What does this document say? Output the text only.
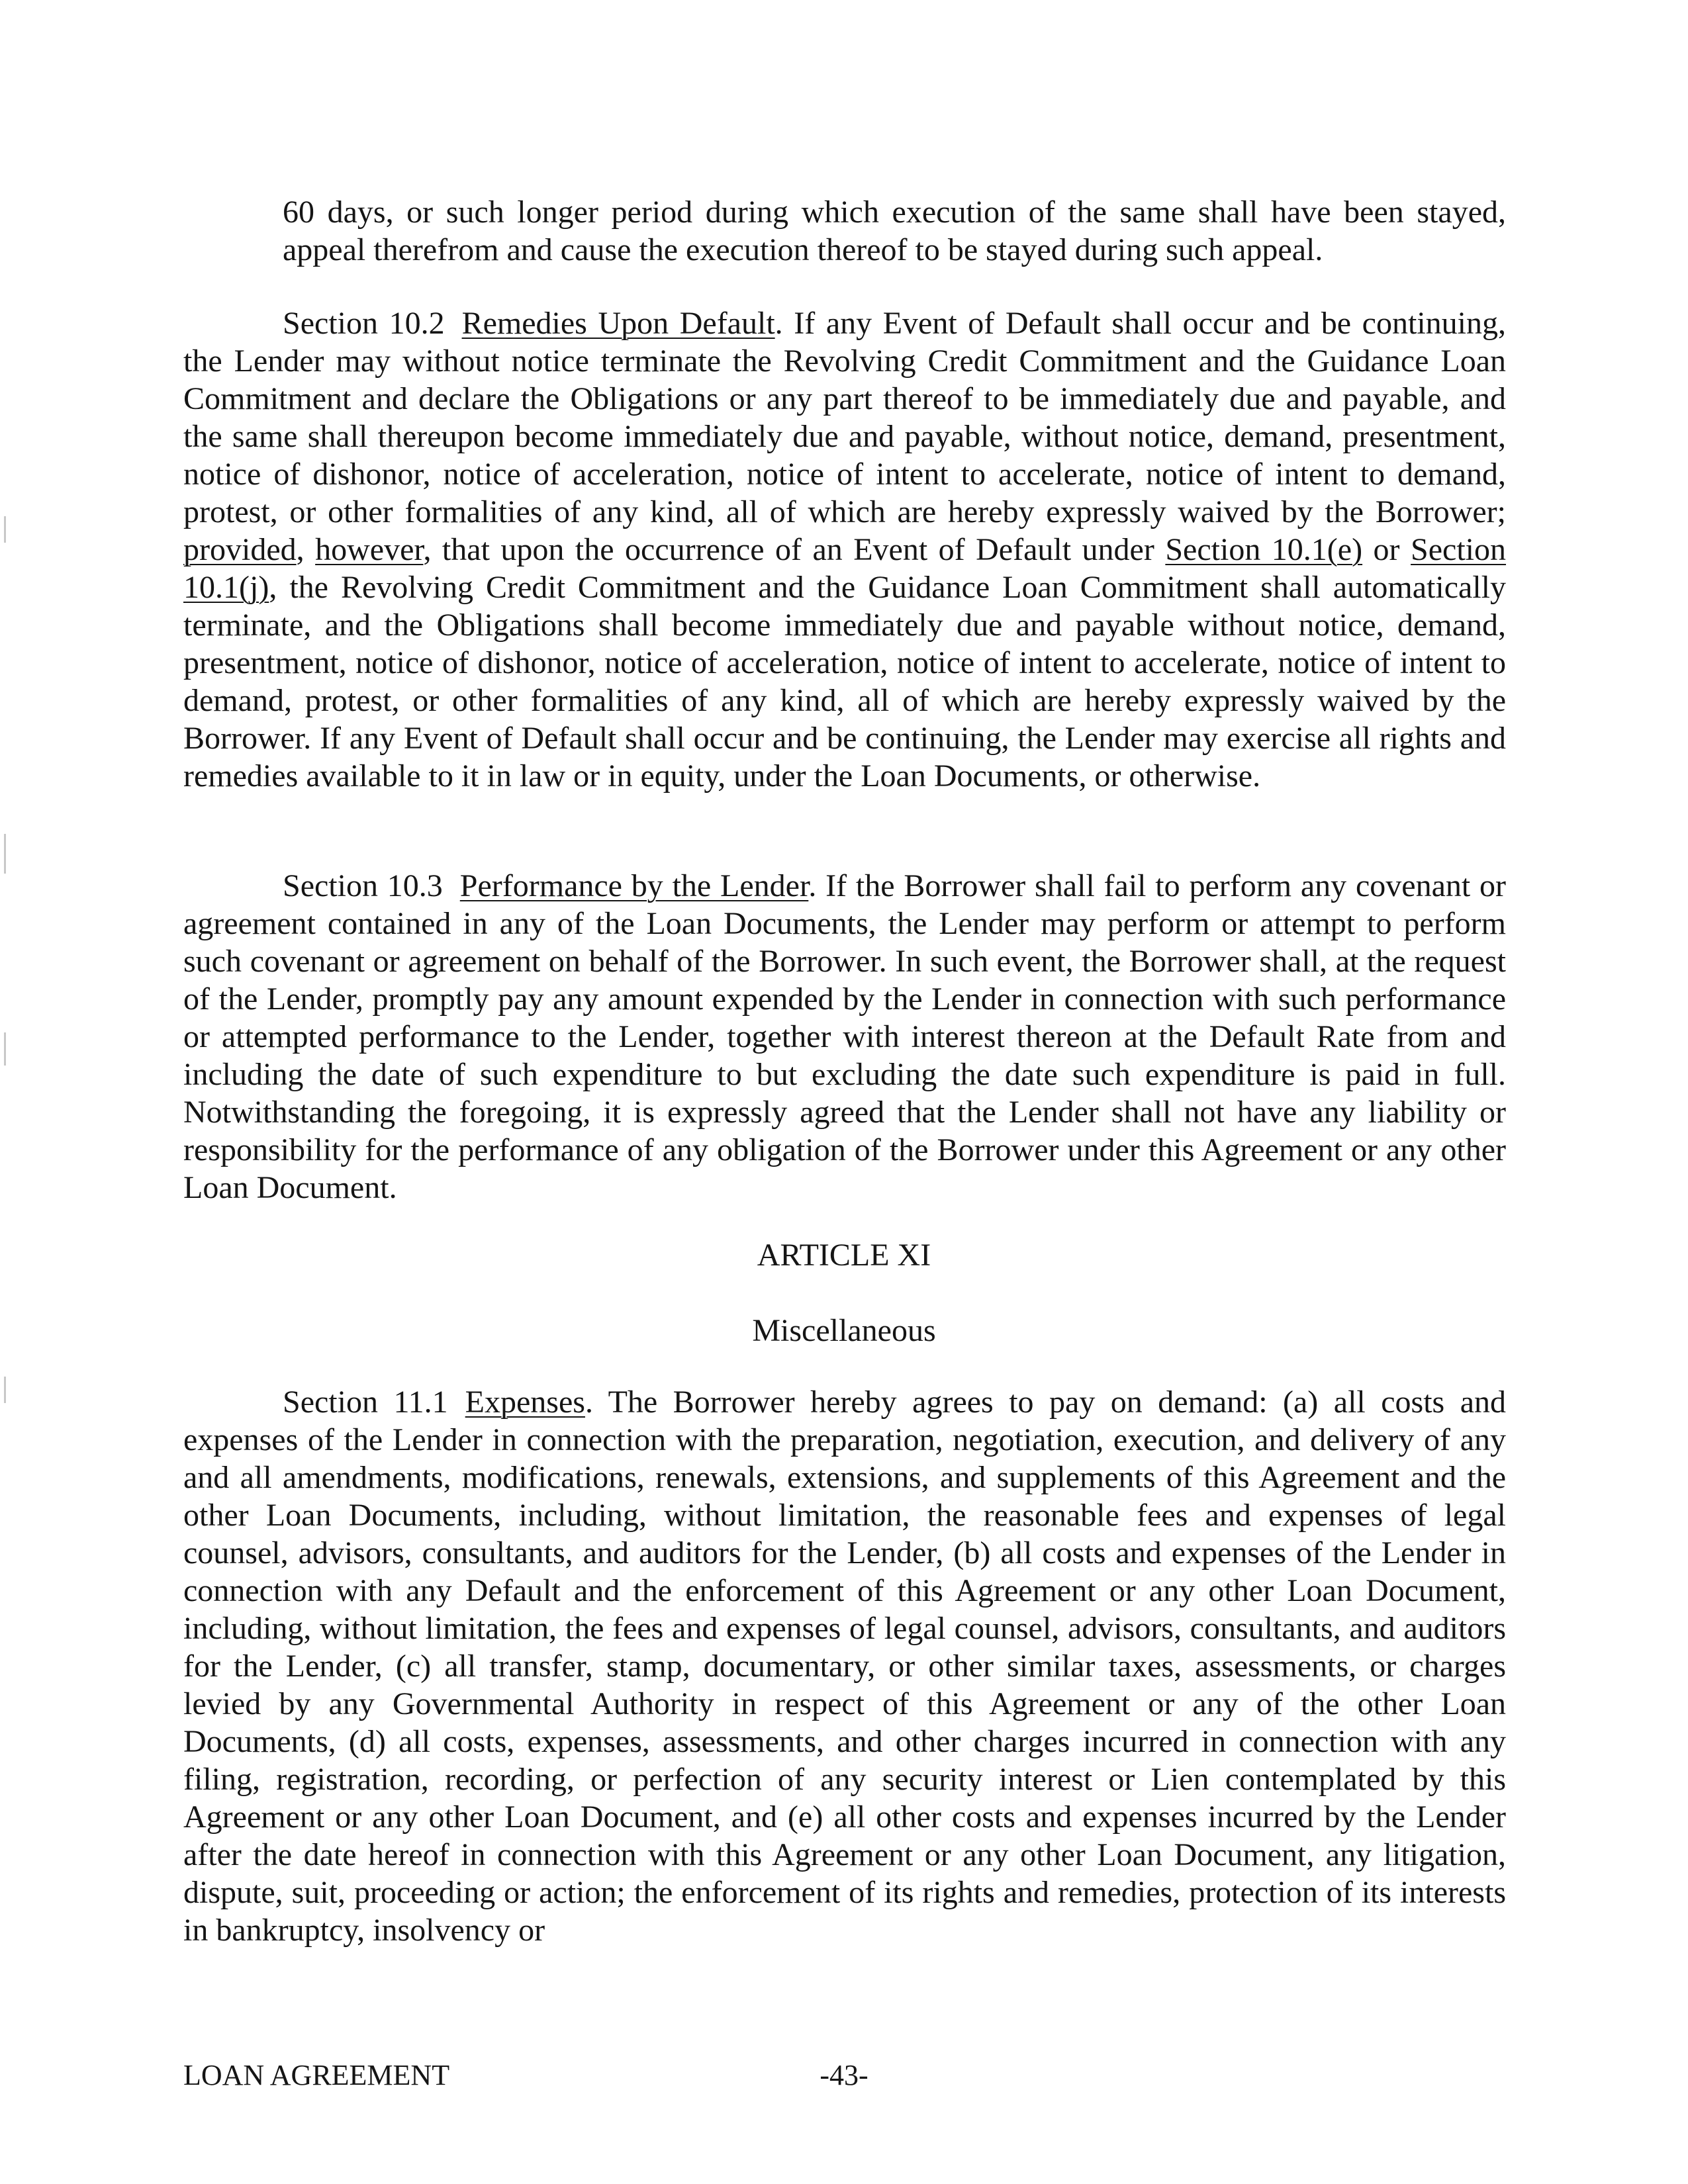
60 days, or such longer period during which execution of the same shall have been stayed, appeal therefrom and cause the execution thereof to be stayed during such appeal.

Section 10.2 Remedies Upon Default. If any Event of Default shall occur and be continuing, the Lender may without notice terminate the Revolving Credit Commitment and the Guidance Loan Commitment and declare the Obligations or any part thereof to be immediately due and payable, and the same shall thereupon become immediately due and payable, without notice, demand, presentment, notice of dishonor, notice of acceleration, notice of intent to accelerate, notice of intent to demand, protest, or other formalities of any kind, all of which are hereby expressly waived by the Borrower; provided, however, that upon the occurrence of an Event of Default under Section 10.1(e) or Section 10.1(j), the Revolving Credit Commitment and the Guidance Loan Commitment shall automatically terminate, and the Obligations shall become immediately due and payable without notice, demand, presentment, notice of dishonor, notice of acceleration, notice of intent to accelerate, notice of intent to demand, protest, or other formalities of any kind, all of which are hereby expressly waived by the Borrower. If any Event of Default shall occur and be continuing, the Lender may exercise all rights and remedies available to it in law or in equity, under the Loan Documents, or otherwise.

Section 10.3 Performance by the Lender. If the Borrower shall fail to perform any covenant or agreement contained in any of the Loan Documents, the Lender may perform or attempt to perform such covenant or agreement on behalf of the Borrower. In such event, the Borrower shall, at the request of the Lender, promptly pay any amount expended by the Lender in connection with such performance or attempted performance to the Lender, together with interest thereon at the Default Rate from and including the date of such expenditure to but excluding the date such expenditure is paid in full. Notwithstanding the foregoing, it is expressly agreed that the Lender shall not have any liability or responsibility for the performance of any obligation of the Borrower under this Agreement or any other Loan Document.

ARTICLE XI

Miscellaneous

Section 11.1 Expenses. The Borrower hereby agrees to pay on demand: (a) all costs and expenses of the Lender in connection with the preparation, negotiation, execution, and delivery of any and all amendments, modifications, renewals, extensions, and supplements of this Agreement and the other Loan Documents, including, without limitation, the reasonable fees and expenses of legal counsel, advisors, consultants, and auditors for the Lender, (b) all costs and expenses of the Lender in connection with any Default and the enforcement of this Agreement or any other Loan Document, including, without limitation, the fees and expenses of legal counsel, advisors, consultants, and auditors for the Lender, (c) all transfer, stamp, documentary, or other similar taxes, assessments, or charges levied by any Governmental Authority in respect of this Agreement or any of the other Loan Documents, (d) all costs, expenses, assessments, and other charges incurred in connection with any filing, registration, recording, or perfection of any security interest or Lien contemplated by this Agreement or any other Loan Document, and (e) all other costs and expenses incurred by the Lender after the date hereof in connection with this Agreement or any other Loan Document, any litigation, dispute, suit, proceeding or action; the enforcement of its rights and remedies, protection of its interests in bankruptcy, insolvency or

LOAN AGREEMENT	-43-
